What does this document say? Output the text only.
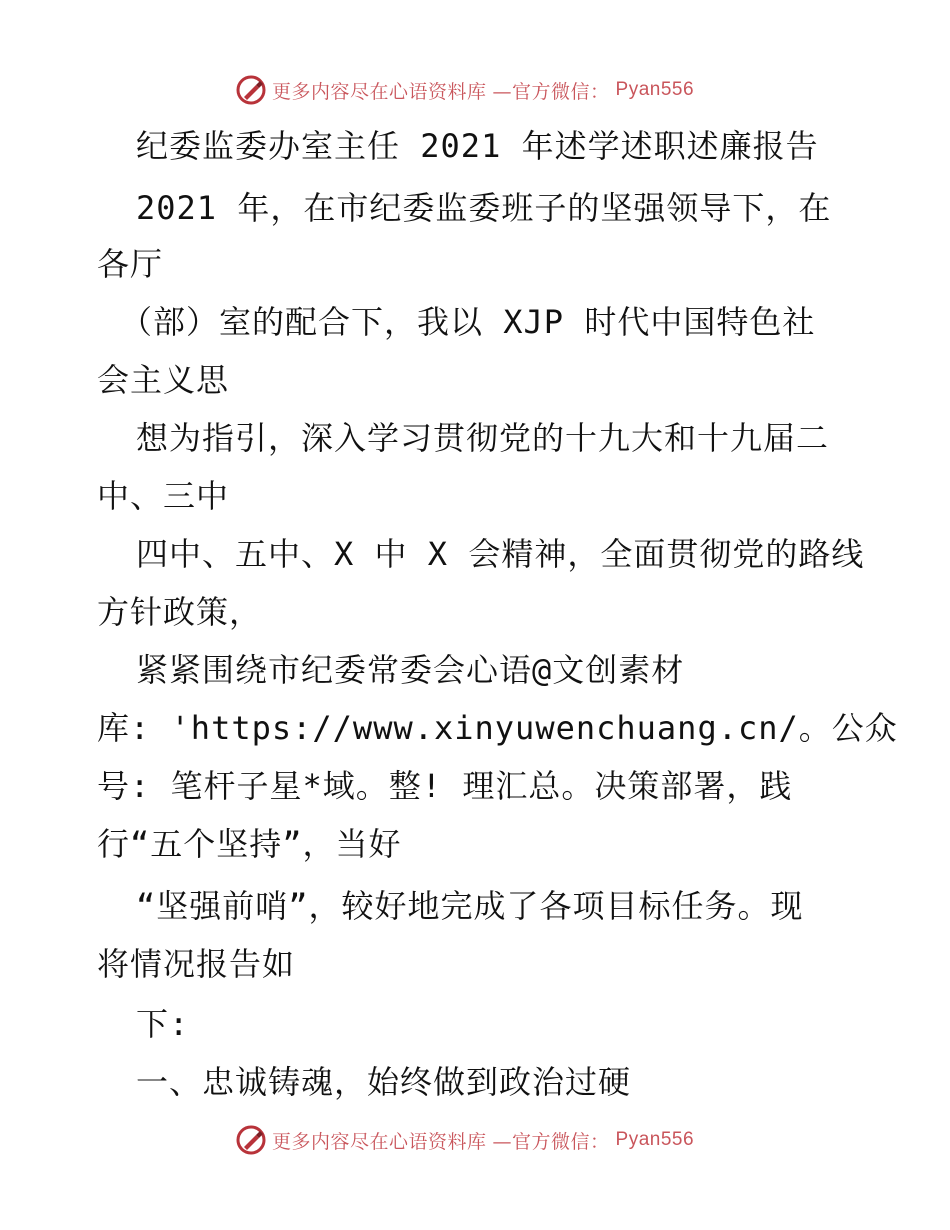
更多内容尽在心语资料库 —官方微信： Pyan556
纪委监委办室主任 2021 年述学述职述廉报告
2021 年，在市纪委监委班子的坚强领导下，在
各厅
（部）室的配合下，我以 XJP 时代中国特色社
会主义思
想为指引，深入学习贯彻党的十九大和十九届二
中、三中
四中、五中、X 中 X 会精神，全面贯彻党的路线
方针政策，
紧紧围绕市纪委常委会心语@文创素材
库: 'https://www.xinyuwenchuang.cn/。公众
号: 笔杆子星*域。整! 理汇总。决策部署，践
行“五个坚持”，当好
“坚强前哨”，较好地完成了各项目标任务。现
将情况报告如
下:
一、忠诚铸魂，始终做到政治过硬
更多内容尽在心语资料库 —官方微信： Pyan556
